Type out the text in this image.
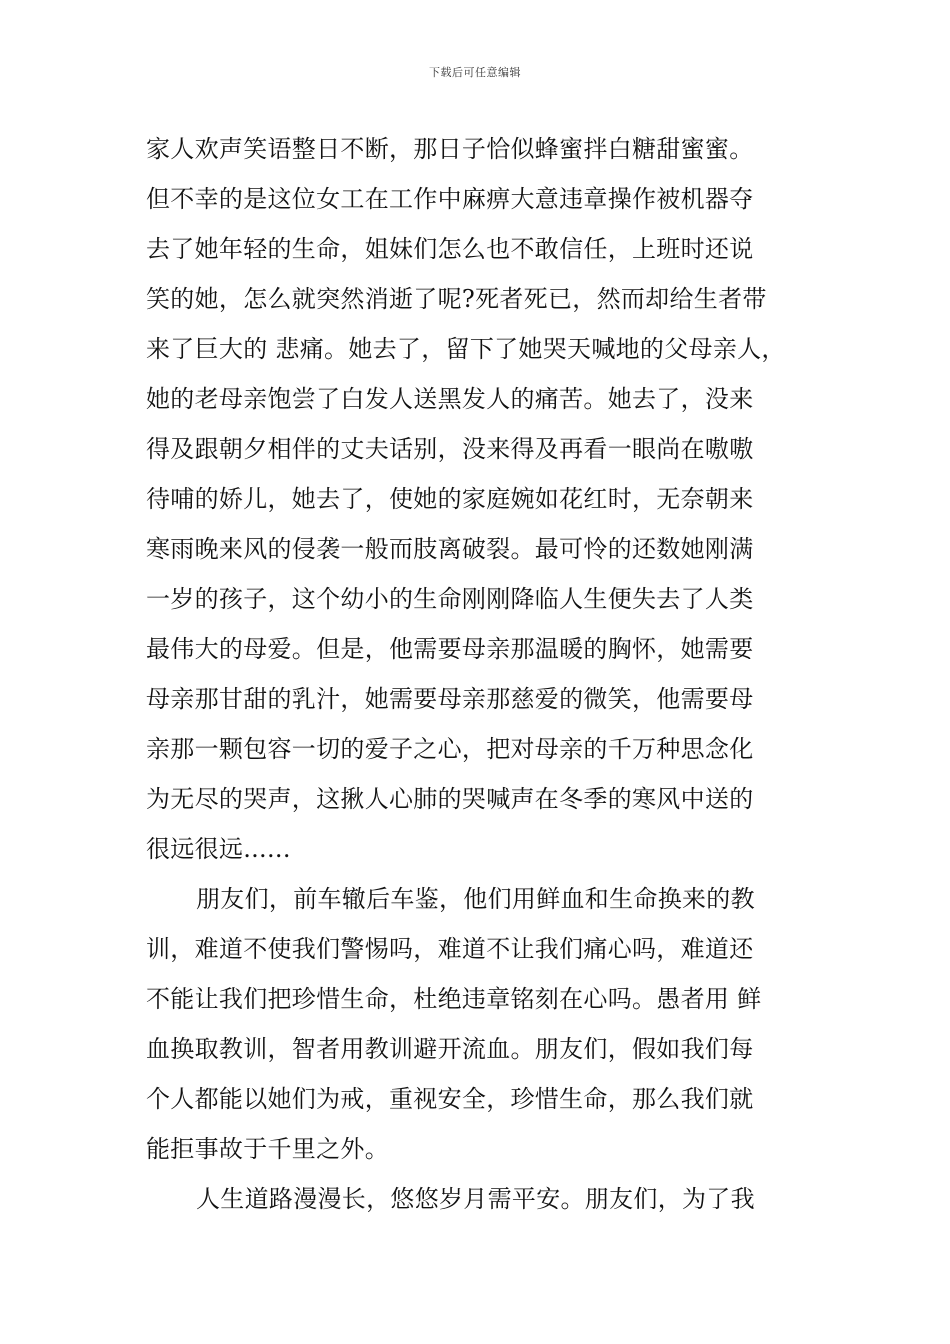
下载后可任意编辑
家人欢声笑语整日不断，那日子恰似蜂蜜拌白糖甜蜜蜜。
但不幸的是这位女工在工作中麻痹大意违章操作被机器夺
去了她年轻的生命，姐妹们怎么也不敢信任，上班时还说
笑的她，怎么就突然消逝了呢?死者死已，然而却给生者带
来了巨大的 悲痛。她去了，留下了她哭天喊地的父母亲人，
她的老母亲饱尝了白发人送黑发人的痛苦。她去了，没来
得及跟朝夕相伴的丈夫话别，没来得及再看一眼尚在嗷嗷
待哺的娇儿，她去了，使她的家庭婉如花红时，无奈朝来
寒雨晚来风的侵袭一般而肢离破裂。最可怜的还数她刚满
一岁的孩子，这个幼小的生命刚刚降临人生便失去了人类
最伟大的母爱。但是，他需要母亲那温暖的胸怀，她需要
母亲那甘甜的乳汁，她需要母亲那慈爱的微笑，他需要母
亲那一颗包容一切的爱子之心，把对母亲的千万种思念化
为无尽的哭声，这揪人心肺的哭喊声在冬季的寒风中送的
很远很远......
朋友们，前车辙后车鉴，他们用鲜血和生命换来的教
训，难道不使我们警惕吗，难道不让我们痛心吗，难道还
不能让我们把珍惜生命，杜绝违章铭刻在心吗。愚者用 鲜
血换取教训，智者用教训避开流血。朋友们，假如我们每
个人都能以她们为戒，重视安全，珍惜生命，那么我们就
能拒事故于千里之外。
人生道路漫漫长，悠悠岁月需平安。朋友们，为了我
